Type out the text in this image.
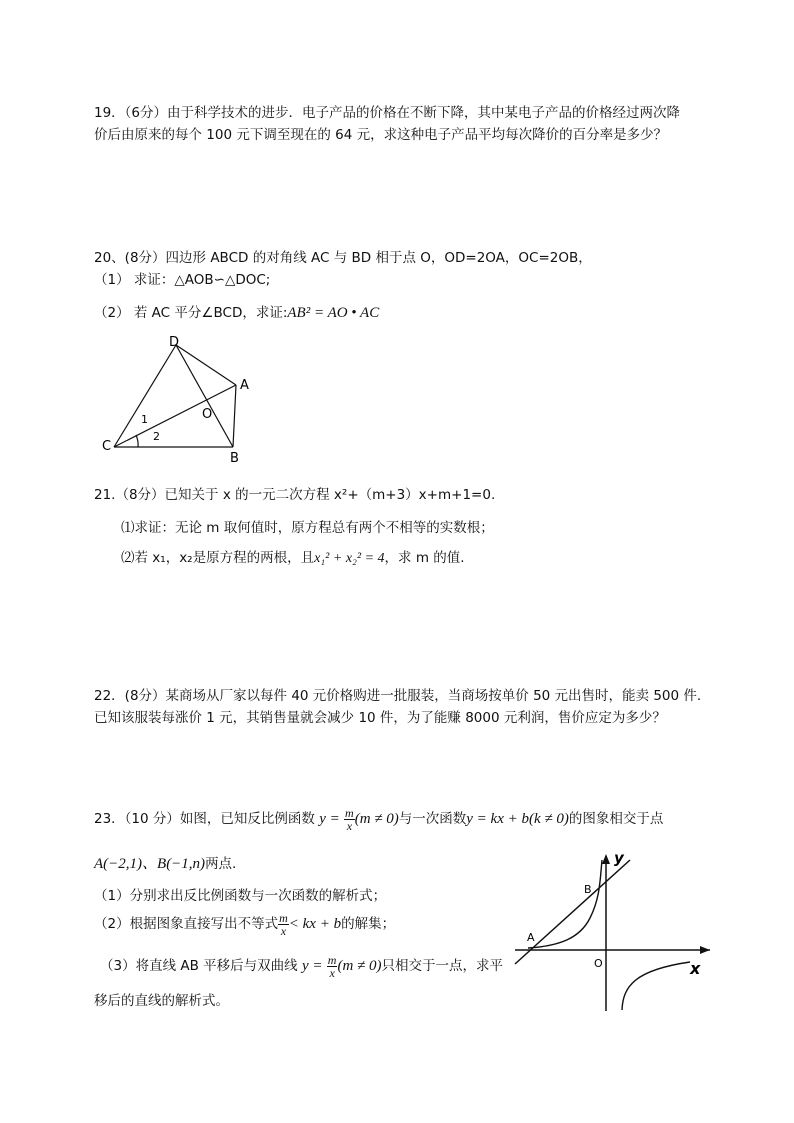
19．（6分）由于科学技术的进步．电子产品的价格在不断下降，其中某电子产品的价格经过两次降
价后由原来的每个 100 元下调至现在的 64 元，求这种电子产品平均每次降价的百分率是多少？
20、(8分）四边形 ABCD 的对角线 AC 与 BD 相于点 O，OD=2OA，OC=2OB，
（1） 求证：△AOB∽△DOC;
（2） 若 AC 平分∠BCD，求证:AB² = AO • AC
D
A
O
C
B
1
2
21.（8分）已知关于 x 的一元二次方程 x²+（m+3）x+m+1=0.
⑴求证：无论 m 取何值时，原方程总有两个不相等的实数根；
⑵若 x₁，x₂是原方程的两根，且x₁² + x₂² = 4，求 m 的值.
22．(8分）某商场从厂家以每件 40 元价格购进一批服装，当商场按单价 50 元出售时，能卖 500 件.
已知该服装每涨价 1 元，其销售量就会减少 10 件，为了能赚 8000 元利润，售价应定为多少？
23．（10 分）如图，已知反比例函数 $y = \frac{m}{x} (m \ne 0)$与一次函数y = kx + b(k ≠ 0)的图象相交于点
A(−2,1)、B(−1,n)两点.
（1）分别求出反比例函数与一次函数的解析式；
（2）根据图象直接写出不等式 $\frac{m}{x}$ < kx + b的解集；
（3）将直线 AB 平移后与双曲线 $y = \frac{m}{x} (m \ne 0)$只相交于一点，求平
移后的直线的解析式。
y
x
O
A
B
